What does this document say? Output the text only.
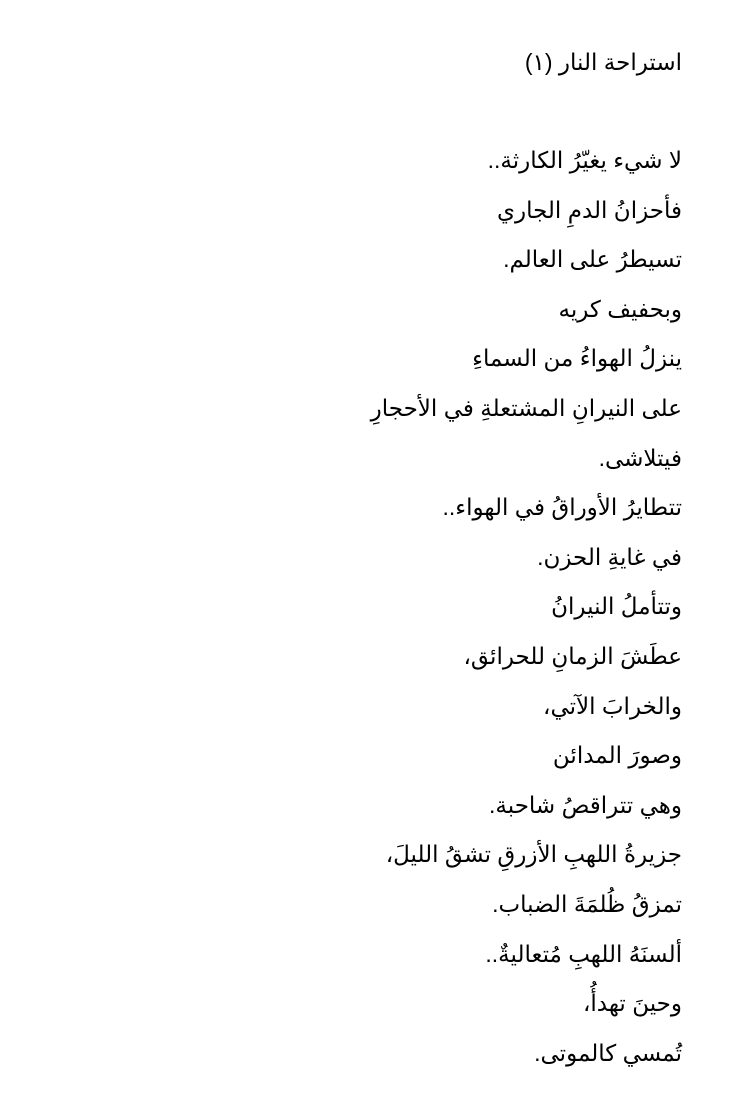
استراحة النار (١)
لا شيء يغيّرُ الكارثة..
فأحزانُ الدمِ الجاري
تسيطرُ على العالم.
وبحفيف كريه
ينزلُ الهواءُ من السماءِ
على النيرانِ المشتعلةِ في الأحجارِ
فيتلاشى.
تتطايرُ الأوراقُ في الهواء..
في غايةِ الحزن.
وتتأملُ النيرانُ
عطَشَ الزمانِ للحرائق،
والخرابَ الآتي،
وصورَ المدائن
وهي تتراقصُ شاحبة.
جزيرةُ اللهبِ الأزرقِ تشقُ الليلَ،
تمزقُ ظُلمَةَ الضباب.
ألسنَهُ اللهبِ مُتعاليةٌ..
وحينَ تهدأُ،
تُمسي كالموتى.
